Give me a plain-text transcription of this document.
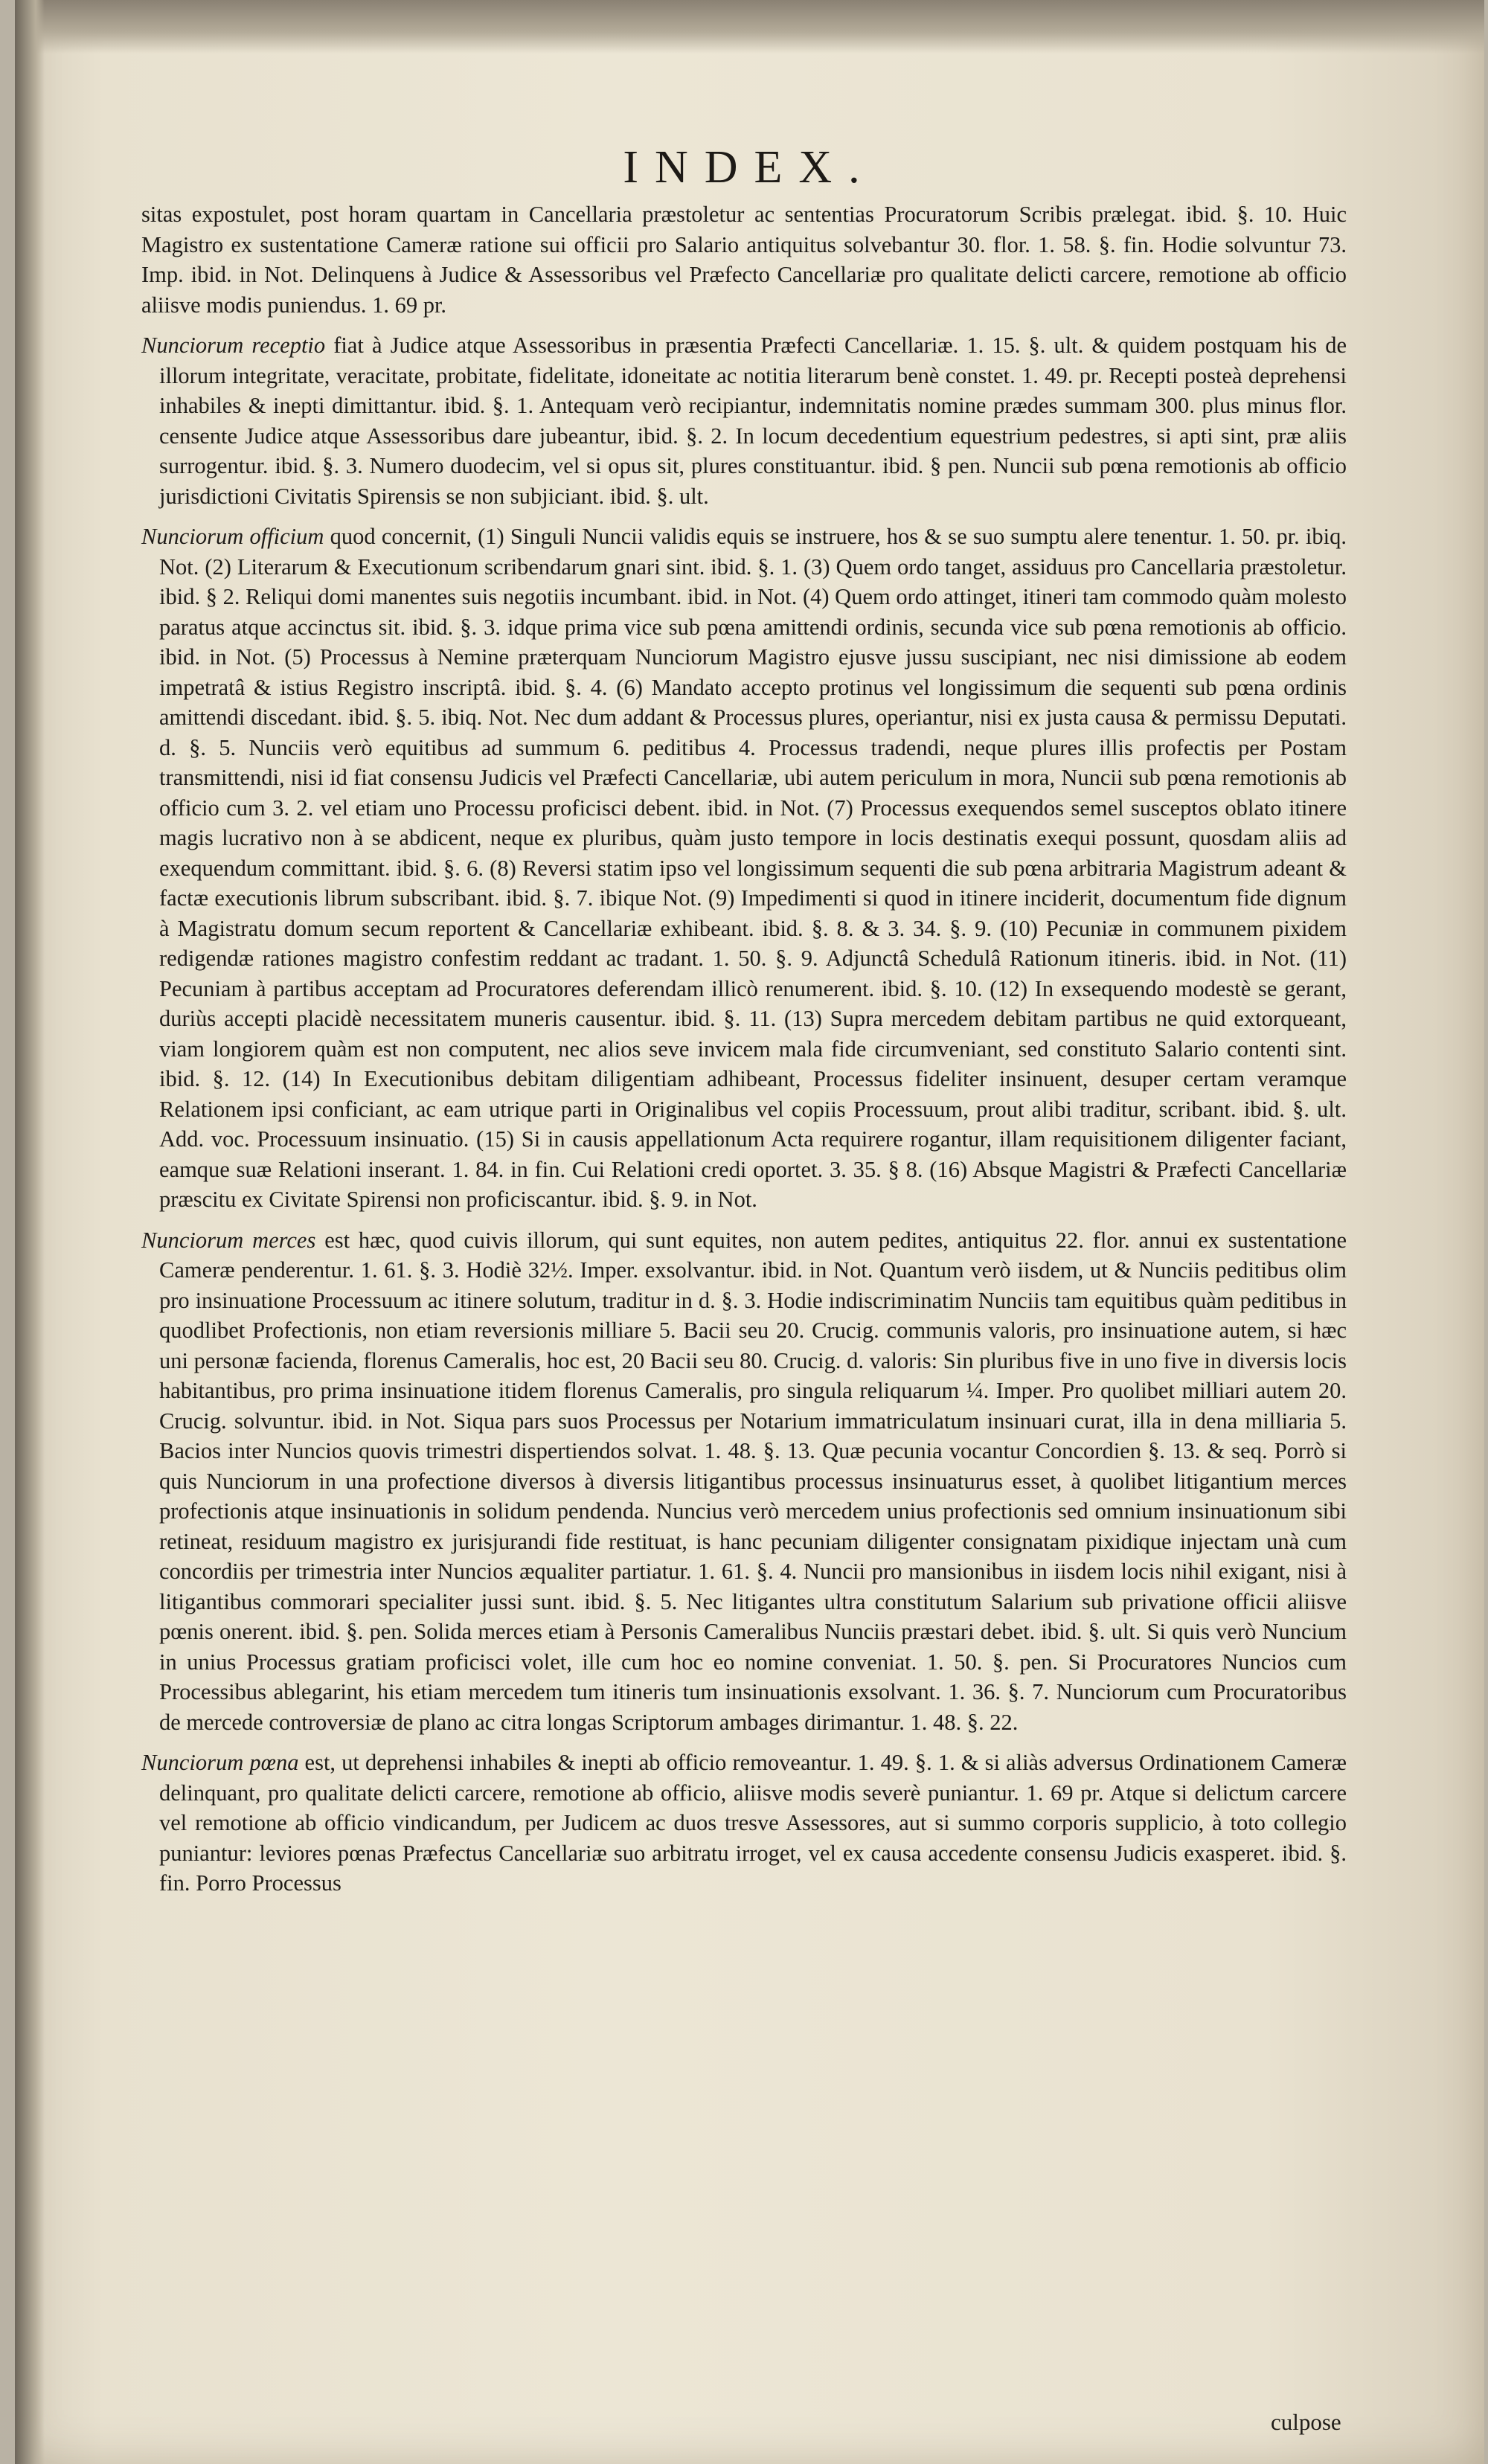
INDEX.

sitas expostulet, post horam quartam in Cancellaria præstoletur ac sententias Procuratorum Scribis prælegat. ibid. §. 10. Huic Magistro ex sustentatione Cameræ ratione sui officii pro Salario antiquitus solvebantur 30. flor. 1. 58. §. fin. Hodie solvuntur 73. Imp. ibid. in Not. Delinquens à Judice & Assessoribus vel Præfecto Cancellariæ pro qualitate delicti carcere, remotione ab officio aliisve modis puniendus. 1. 69 pr.

Nunciorum receptio fiat à Judice atque Assessoribus in præsentia Præfecti Cancellariæ. 1. 15. §. ult. & quidem postquam his de illorum integritate, veracitate, probitate, fidelitate, idoneitate ac notitia literarum benè constet. 1. 49. pr. Recepti posteà deprehensi inhabiles & inepti dimittantur. ibid. §. 1. Antequam verò recipiantur, indemnitatis nomine prædes summam 300. plus minus flor. censente Judice atque Assessoribus dare jubeantur, ibid. §. 2. In locum decedentium equestrium pedestres, si apti sint, præ aliis surrogentur. ibid. §. 3. Numero duodecim, vel si opus sit, plures constituantur. ibid. § pen. Nuncii sub pœna remotionis ab officio jurisdictioni Civitatis Spirensis se non subjiciant. ibid. §. ult.

Nunciorum officium quod concernit, (1) Singuli Nuncii validis equis se instruere, hos & se suo sumptu alere tenentur. 1. 50. pr. ibiq. Not. (2) Literarum & Executionum scribendarum gnari sint. ibid. §. 1. (3) Quem ordo tanget, assiduus pro Cancellaria præstoletur. ibid. § 2. Reliqui domi manentes suis negotiis incumbant. ibid. in Not. (4) Quem ordo attinget, itineri tam commodo quàm molesto paratus atque accinctus sit. ibid. §. 3. idque prima vice sub pœna amittendi ordinis, secunda vice sub pœna remotionis ab officio. ibid. in Not. (5) Processus à Nemine præterquam Nunciorum Magistro ejusve jussu suscipiant, nec nisi dimissione ab eodem impetratâ & istius Registro inscriptâ. ibid. §. 4. (6) Mandato accepto protinus vel longissimum die sequenti sub pœna ordinis amittendi discedant. ibid. §. 5. ibiq. Not. Nec dum addant & Processus plures, operiantur, nisi ex justa causa & permissu Deputati. d. §. 5. Nunciis verò equitibus ad summum 6. peditibus 4. Processus tradendi, neque plures illis profectis per Postam transmittendi, nisi id fiat consensu Judicis vel Præfecti Cancellariæ, ubi autem periculum in mora, Nuncii sub pœna remotionis ab officio cum 3. 2. vel etiam uno Processu proficisci debent. ibid. in Not. (7) Processus exequendos semel susceptos oblato itinere magis lucrativo non à se abdicent, neque ex pluribus, quàm justo tempore in locis destinatis exequi possunt, quosdam aliis ad exequendum committant. ibid. §. 6. (8) Reversi statim ipso vel longissimum sequenti die sub pœna arbitraria Magistrum adeant & factæ executionis librum subscribant. ibid. §. 7. ibique Not. (9) Impedimenti si quod in itinere inciderit, documentum fide dignum à Magistratu domum secum reportent & Cancellariæ exhibeant. ibid. §. 8. & 3. 34. §. 9. (10) Pecuniæ in communem pixidem redigendæ rationes magistro confestim reddant ac tradant. 1. 50. §. 9. Adjunctâ Schedulâ Rationum itineris. ibid. in Not. (11) Pecuniam à partibus acceptam ad Procuratores deferendam illicò renumerent. ibid. §. 10. (12) In exsequendo modestè se gerant, duriùs accepti placidè necessitatem muneris causentur. ibid. §. 11. (13) Supra mercedem debitam partibus ne quid extorqueant, viam longiorem quàm est non computent, nec alios seve invicem mala fide circumveniant, sed constituto Salario contenti sint. ibid. §. 12. (14) In Executionibus debitam diligentiam adhibeant, Processus fideliter insinuent, desuper certam veramque Relationem ipsi conficiant, ac eam utrique parti in Originalibus vel copiis Processuum, prout alibi traditur, scribant. ibid. §. ult. Add. voc. Processuum insinuatio. (15) Si in causis appellationum Acta requirere rogantur, illam requisitionem diligenter faciant, eamque suæ Relationi inserant. 1. 84. in fin. Cui Relationi credi oportet. 3. 35. § 8. (16) Absque Magistri & Præfecti Cancellariæ præscitu ex Civitate Spirensi non proficiscantur. ibid. §. 9. in Not.

Nunciorum merces est hæc, quod cuivis illorum, qui sunt equites, non autem pedites, antiquitus 22. flor. annui ex sustentatione Cameræ penderentur. 1. 61. §. 3. Hodiè 32½. Imper. exsolvantur. ibid. in Not. Quantum verò iisdem, ut & Nunciis peditibus olim pro insinuatione Processuum ac itinere solutum, traditur in d. §. 3. Hodie indiscriminatim Nunciis tam equitibus quàm peditibus in quodlibet Profectionis, non etiam reversionis milliare 5. Bacii seu 20. Crucig. communis valoris, pro insinuatione autem, si hæc uni personæ facienda, florenus Cameralis, hoc est, 20 Bacii seu 80. Crucig. d. valoris: Sin pluribus five in uno five in diversis locis habitantibus, pro prima insinuatione itidem florenus Cameralis, pro singula reliquarum ¼. Imper. Pro quolibet milliari autem 20. Crucig. solvuntur. ibid. in Not. Siqua pars suos Processus per Notarium immatriculatum insinuari curat, illa in dena milliaria 5. Bacios inter Nuncios quovis trimestri dispertiendos solvat. 1. 48. §. 13. Quæ pecunia vocantur Concordien §. 13. & seq. Porrò si quis Nunciorum in una profectione diversos à diversis litigantibus processus insinuaturus esset, à quolibet litigantium merces profectionis atque insinuationis in solidum pendenda. Nuncius verò mercedem unius profectionis sed omnium insinuationum sibi retineat, residuum magistro ex jurisjurandi fide restituat, is hanc pecuniam diligenter consignatam pixidique injectam unà cum concordiis per trimestria inter Nuncios æqualiter partiatur. 1. 61. §. 4. Nuncii pro mansionibus in iisdem locis nihil exigant, nisi à litigantibus commorari specialiter jussi sunt. ibid. §. 5. Nec litigantes ultra constitutum Salarium sub privatione officii aliisve pœnis onerent. ibid. §. pen. Solida merces etiam à Personis Cameralibus Nunciis præstari debet. ibid. §. ult. Si quis verò Nuncium in unius Processus gratiam proficisci volet, ille cum hoc eo nomine conveniat. 1. 50. §. pen. Si Procuratores Nuncios cum Processibus ablegarint, his etiam mercedem tum itineris tum insinuationis exsolvant. 1. 36. §. 7. Nunciorum cum Procuratoribus de mercede controversiæ de plano ac citra longas Scriptorum ambages dirimantur. 1. 48. §. 22.

Nunciorum pœna est, ut deprehensi inhabiles & inepti ab officio removeantur. 1. 49. §. 1. & si aliàs adversus Ordinationem Cameræ delinquant, pro qualitate delicti carcere, remotione ab officio, aliisve modis severè puniantur. 1. 69 pr. Atque si delictum carcere vel remotione ab officio vindicandum, per Judicem ac duos tresve Assessores, aut si summo corporis supplicio, à toto collegio puniantur: leviores pœnas Præfectus Cancellariæ suo arbitratu irroget, vel ex causa accedente consensu Judicis exasperet. ibid. §. fin. Porro Processus

culpose
